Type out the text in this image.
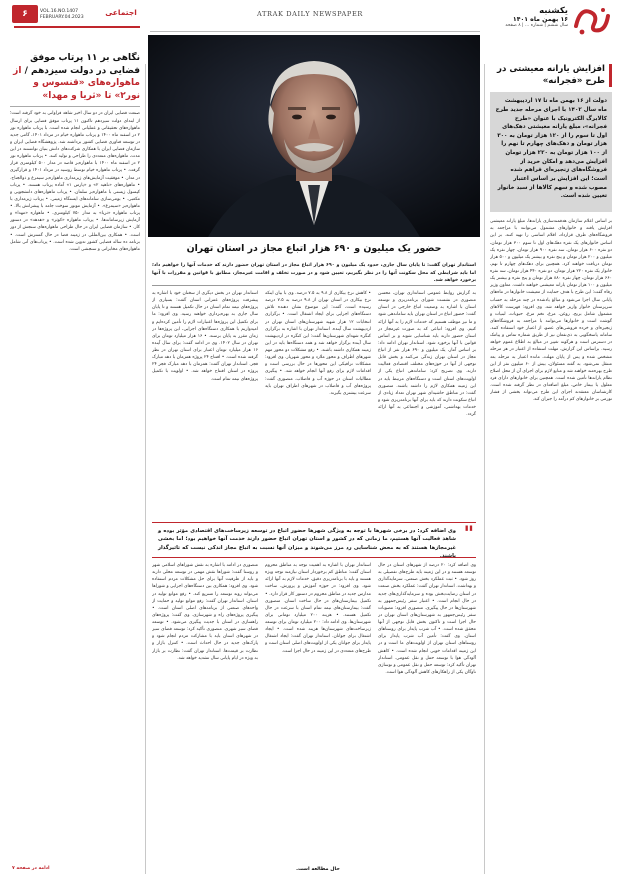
یکشنبه
۱۶ بهمن ماه ۱۴۰۱
سال ششم | شماره ... | ۸ صفحه
ATRAK DAILY NEWSPAPER
۶	VOL.16.NO.1407
FEBRUARY.04.2023
اجتماعی
افزایش یارانه معیشتی در طرح «فجرانه»
دولت از ۱۶ بهمن ماه تا ۱۷ اردیبهشت ماه سال ۱۴۰۲ با اجرای مرحله جدید طرح کالابرگ الکترونیک با عنوان «طرح فجرانه»، مبلغ یارانه معیشتی دهک‌های اول تا سوم را از ۱۲۰ هزار تومان به ۳۰۰ هزار تومان و دهک‌های چهارم تا نهم را از ۱۰۰ هزار تومان به ۲۲۰ هزار تومان افزایش می‌دهد و امکان خرید از فروشگاه‌های زنجیره‌ای فراهم شده است؛ این افزایش بر اساس اعتبار مصوب شده و سهم کالاها از سبد خانوار تعیین شده است.
بر اساس اعلام سازمان هدفمندسازی یارانه‌ها، مبلغ یارانه معیشتی افزایش یافته و خانوارهای مشمول می‌توانند با مراجعه به فروشگاه‌های طرف قرارداد، اقلام اساسی را تهیه کنند. بر این اساس خانوارهای یک نفره دهک‌های اول تا سوم ۳۰۰ هزار تومان، دو نفره ۶۰۰ هزار تومان، سه نفره ۹۰۰ هزار تومان، چهار نفره یک میلیون و ۲۰۰ هزار تومان و پنج نفره و بیشتر یک میلیون و ۵۰۰ هزار تومان دریافت خواهند کرد. همچنین برای دهک‌های چهارم تا نهم، خانوار یک نفره ۲۲۰ هزار تومان، دو نفره ۴۴۰ هزار تومان، سه نفره ۶۶۰ هزار تومان، چهار نفره ۸۸۰ هزار تومان و پنج نفره و بیشتر یک میلیون و ۱۰۰ هزار تومان یارانه معیشتی خواهند داشت. معاون وزیر رفاه گفت: این طرح با هدف حمایت از معیشت خانوارها در ماه‌های پایانی سال اجرا می‌شود و مبالغ یادشده در چند مرحله به حساب سرپرستان خانوار واریز خواهد شد. وی افزود: فهرست کالاهای مشمول شامل برنج، روغن، مرغ، تخم مرغ، حبوبات، لبنیات و گوشت است و خانوارها می‌توانند با مراجعه به فروشگاه‌های زنجیره‌ای و خرده فروشی‌های عضو، از اعتبار خود استفاده کنند. سامانه پاسخگویی به ذی‌نفعان نیز از طریق شماره تماس و پیامک در دسترس است و هرگونه تغییر در مبالغ به اطلاع عموم خواهد رسید. براساس این گزارش، مهلت استفاده از اعتبار در هر مرحله مشخص شده و پس از پایان مهلت، مانده اعتبار به مرحله بعد منتقل نمی‌شود. به گفته مسئولان، بیش از ۶۰ میلیون نفر از این طرح بهره‌مند خواهند شد و منابع لازم برای اجرای آن از محل اصلاح نظام یارانه‌ها تأمین شده است. همچنین برای خانوارهای دارای فرد معلول یا بیمار خاص، مبلغ اضافه‌ای در نظر گرفته شده است. کارشناسان معتقدند اجرای این طرح می‌تواند بخشی از فشار تورمی بر خانوارهای کم درآمد را جبران کند.
حضور یک میلیون و ۶۹۰ هزار اتباع مجاز در استان تهران
استاندار تهران گفت: تا پایان سال جاری، حدود یک میلیون و ۶۹۰ هزار اتباع مجاز در استان تهران حضور دارند که خدمات آنها را خواهیم داد؛ اما باید شرایطی که محل سکونت آنها را در نظر بگیریم، تعیین شود و در صورت تخلف و اقامت غیرمجاز، مطابق با قوانین و مقررات با آنها برخورد خواهد شد.
به گزارش روابط عمومی استانداری تهران، محسن منصوری در نشست شورای برنامه‌ریزی و توسعه استان با اشاره به وضعیت اتباع خارجی در استان گفت: حضور اتباع در استان تهران باید ساماندهی شود و ما نیز موظف هستیم که خدمات لازم را به آنها ارائه کنیم. وی افزود: اتباعی که به صورت غیرمجاز در استان حضور دارند باید شناسایی شوند و بر اساس قوانین با آنها برخورد شود. استاندار تهران ادامه داد: بر اساس آمار، یک میلیون و ۶۹۰ هزار نفر از اتباع مجاز در استان تهران زندگی می‌کنند و بخش قابل توجهی از آنها در حوزه‌های مختلف اقتصادی فعالیت دارند. وی تصریح کرد: ساماندهی اتباع یکی از اولویت‌های استان است و دستگاه‌های مرتبط باید در این زمینه همکاری لازم را داشته باشند. منصوری گفت: در مناطق حاشیه‌ای شهر تهران تعداد زیادی از اتباع سکونت دارند که باید برای آنها برنامه‌ریزی شود و خدمات بهداشتی، آموزشی و اجتماعی به آنها ارائه گردد.
• کاهش نرخ بیکاری از ۹.۸ به ۷.۵ درصد. وی با بیان اینکه نرخ بیکاری در استان تهران از ۹.۸ درصد به ۷.۵ درصد رسیده است، گفت: این موضوع نشان دهنده تلاش دستگاه‌های اجرایی برای ایجاد اشتغال است. • برگزاری انتخابات ۱۲ هزار شهید شهرستان‌های استان تهران در اردیبهشت سال آینده. استاندار تهران با اشاره به برگزاری کنگره شهدای شهرستان‌ها گفت: این کنگره در اردیبهشت سال آینده برگزار خواهد شد و همه دستگاه‌ها باید در این زمینه همکاری داشته باشند. • رفع مشکلات دو محور مهم شهرهای اطراف و محور ملارد و محور شهریار. وی افزود: مشکلات ترافیکی این محورها در حال بررسی است و اقدامات لازم برای رفع آنها انجام خواهد شد. • پیگیری مطالبات استان در حوزه آب و فاضلاب. منصوری گفت: پروژه‌های آب و فاضلاب در شهرهای اطراف تهران باید سرعت بیشتری بگیرند.
استاندار تهران در بخش دیگری از سخنان خود با اشاره به پیشرفت پروژه‌های عمرانی استان گفت: بسیاری از پروژه‌های نیمه تمام استان در حال تکمیل هستند و تا پایان سال جاری به بهره‌برداری خواهند رسید. وی افزود: ما برای تکمیل این پروژه‌ها اعتبارات لازم را تأمین کرده‌ایم و امیدواریم با همکاری دستگاه‌های اجرایی، این پروژه‌ها در زمان مقرر به پایان برسند. • ۱۶ هزار میلیارد تومان برای تهران در سال ۱۴۰۲. وی در ادامه گفت: برای سال آینده ۱۶ هزار میلیارد تومان اعتبار برای استان تهران در نظر گرفته شده است. • افتتاح ۲۴ پروژه همزمان با دهه مبارک فجر. استاندار تهران گفت: همزمان با دهه مبارک فجر ۲۴ پروژه در استان افتتاح خواهد شد. • اولویت با تکمیل پروژه‌های نیمه تمام است.
"
وی اضافه کرد: در برخی شهرها با توجه به ویژگی شهرها حضور اتباع در توسعه زیرساخت‌های اقتصادی مؤثر بوده و شاهد فعالیت آنها هستیم، ما زمانی که در کشور و استان تهران اتباع حضور دارند خدمت آنها خواهیم بود؛ اما بخشی غیرمجازها هستند که به محض شناسایی رد مرز می‌شوند و میزان آنها نسبت به اتباع مجاز اندکی نیست که تاثیرگذار باشند.
وی اضافه کرد: ۲۰ درصد از شهرهای استان در حال توسعه هستند و در این زمینه باید طرح‌های تفصیلی به روز شود. • ثبت عملکرد بخش صنعتی، سرمایه‌گذاری و بهداشت. استاندار تهران گفت: عملکرد بخش صنعت در استان رضایت‌بخش بوده و سرمایه‌گذاری‌های جدید در حال انجام است. • اعتبار سفر رئیس‌جمهور به شهرستان‌ها در حال پیگیری. منصوری افزود: مصوبات سفر رئیس‌جمهور به شهرستان‌های استان تهران در حال اجرا است و تاکنون بخش قابل توجهی از آنها محقق شده است. • آب شرب پایدار برای روستاهای استان. وی گفت: تأمین آب شرب پایدار برای روستاهای استان تهران از اولویت‌های ما است و در این زمینه اقدامات خوبی انجام شده است. • کاهش آلودگی هوا با توسعه حمل و نقل عمومی. استاندار تهران تأکید کرد: توسعه حمل و نقل عمومی و نوسازی ناوگان یکی از راهکارهای کاهش آلودگی هوا است.
استاندار تهران با اشاره به اهمیت توجه به مناطق محروم استان گفت: مناطق کم برخوردار استان نیازمند توجه ویژه هستند و باید با برنامه‌ریزی دقیق، خدمات لازم به آنها ارائه شود. وی افزود: در حوزه آموزش و پرورش، ساخت مدارس جدید در مناطق محروم در دستور کار قرار دارد. • تکمیل بیمارستان‌های در حال ساخت استان. منصوری گفت: بیمارستان‌های نیمه تمام استان با سرعت در حال تکمیل هستند. • هزینه ۲۰۰ میلیارد تومانی برای شهرستان‌ها. وی ادامه داد: ۲۰۰ میلیارد تومان برای توسعه زیرساخت‌های شهرستان‌ها هزینه شده است. • ایجاد اشتغال برای جوانان. استاندار تهران گفت: ایجاد اشتغال پایدار برای جوانان یکی از اولویت‌های اصلی استان است و طرح‌های متعددی در این زمینه در حال اجرا است.
منصوری در ادامه با اشاره به نقش شوراهای اسلامی شهر و روستا گفت: شوراها نقش مهمی در توسعه محلی دارند و باید از ظرفیت آنها برای حل مشکلات مردم استفاده شود. وی افزود: همکاری بین دستگاه‌های اجرایی و شوراها می‌تواند روند توسعه را تسریع کند. • رفع موانع تولید در استان. استاندار تهران گفت: رفع موانع تولید و حمایت از واحدهای صنعتی از برنامه‌های اصلی استان است. • پیگیری پروژه‌های راه و شهرسازی. وی گفت: پروژه‌های راهسازی در استان با جدیت پیگیری می‌شود. • توسعه فضای سبز شهری. منصوری تأکید کرد: توسعه فضای سبز در شهرهای استان باید با مشارکت مردم انجام شود و پارک‌های جدید در حال احداث است. • کنترل بازار و نظارت بر قیمت‌ها. استاندار تهران گفت: نظارت بر بازار به ویژه در ایام پایانی سال تشدید خواهد شد.
حال مطالعه است.
نگاهی بر ۱۱ پرتاب موفق فضایی در دولت سیزدهم / از ماهواره‌های «قنسوس و نور۲» تا «ثریا و مهدا»
صنعت فضایی ایران در دو سال اخیر شاهد فراوانی به خود گرفته است؛ از ابتدای دولت سیزدهم تاکنون ۱۱ پرتاب موفق فضایی برای ارسال ماهواره‌های تحقیقاتی و عملیاتی انجام شده است. با پرتاب ماهواره نور ۲ در اسفند ماه ۱۴۰۰ و پرتاب ماهواره خیام در مرداد ۱۴۰۱، گامی جدید در توسعه فناوری فضایی کشور برداشته شد. پژوهشگاه فضایی ایران و سازمان فضایی ایران با همکاری شرکت‌های دانش بنیان توانستند در این مدت، ماهواره‌های متعددی را طراحی و تولید کنند. • پرتاب ماهواره نور ۲ در اسفند ماه ۱۴۰۰ با ماهواره‌بر قاصد در مدار ۵۰۰ کیلومتری قرار گرفت. • پرتاب ماهواره خیام توسط روسیه در مرداد ۱۴۰۱ و قرارگیری در مدار. • موفقیت آزمایش‌های زیرمداری ماهواره‌بر سیمرغ و ذوالجناح. • ماهواره‌های «ناهید ۲» و «پارس ۱» آماده پرتاب هستند. • پرتاب کپسول زیستی با ماهواره‌بر سلمان. • پرتاب ماهواره‌های دانشجویی و مکعبی. • بومی‌سازی سامانه‌های ایستگاه زمینی. • پرتاب زیرمداری با ماهواره‌بر «سیمرغ». • آزمایش موتور سوخت جامد با پیشرانش بالا. • پرتاب ماهواره «ثریا» به مدار ۷۵۰ کیلومتری. • ماهواره «مهدا» و آزمایش زیرسامانه‌ها. • پرتاب ماهواره «کوثر» و «هدهد» در دستور کار. • سازمان فضایی ایران در حال طراحی ماهواره‌های سنجش از دور است. • همکاری بین‌المللی در زمینه فضا در حال گسترش است. • برنامه ده ساله فضایی کشور تدوین شده است. • پرتاب‌های آتی شامل ماهواره‌های مخابراتی و سنجشی است.
ادامه در صفحه ۷
